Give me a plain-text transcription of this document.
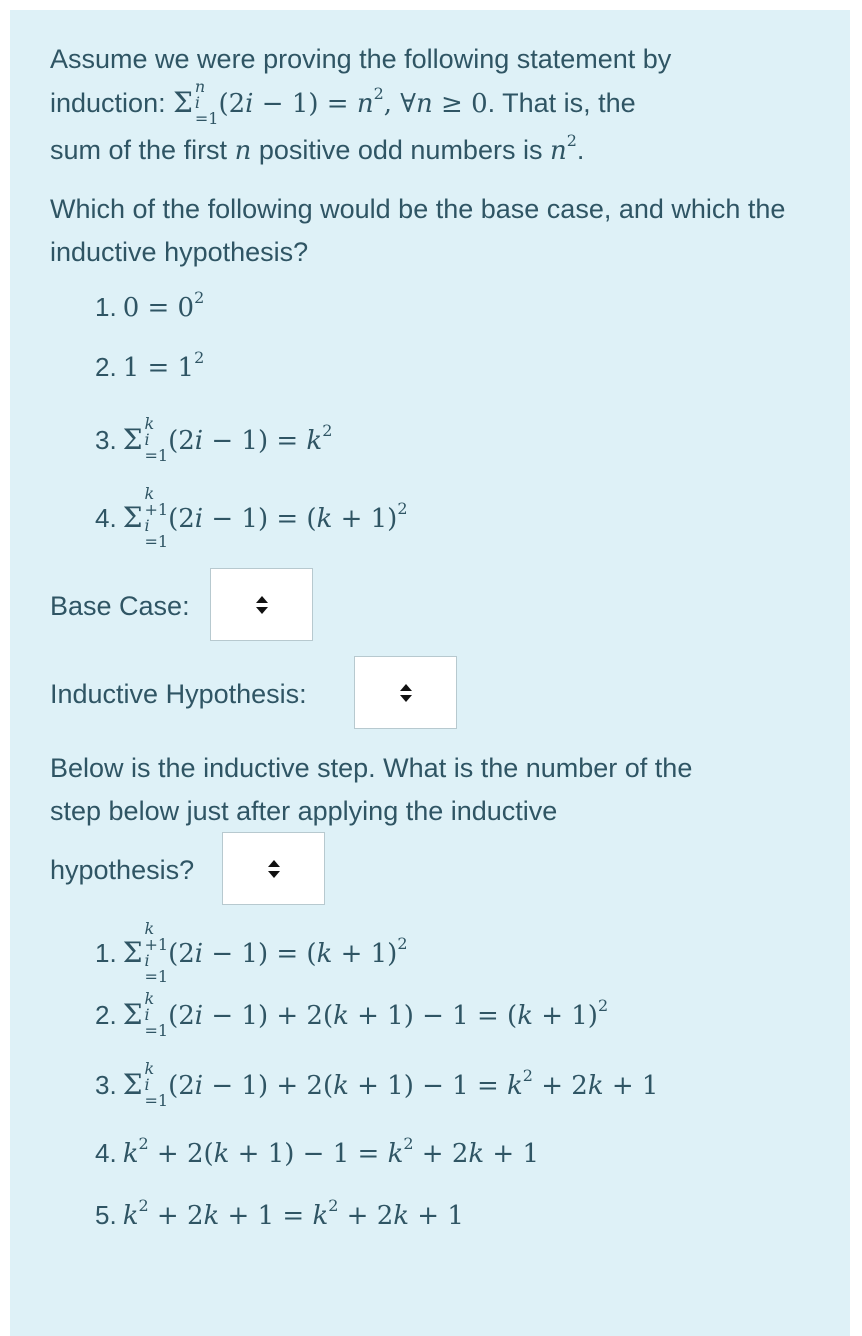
Assume we were proving the following statement by
induction: Σ n
i
=1 $(2i - 1) = n^2$, ∀n ≥ 0. That is, the
sum of the first n positive odd numbers is $n^2$.
Which of the following would be the base case, and which the inductive hypothesis?
1. $0 = 0^2$
2. $1 = 1^2$
3. Σ k
i
=1 $(2i - 1) = k^2$
4. Σ
k
+1
i
=1
$(2i - 1) = (k + 1)^2$
Base Case:
Inductive Hypothesis:
Below is the inductive step. What is the number of the
step below just after applying the inductive
hypothesis?
1. Σ
k
+1
i
=1
$(2i - 1) = (k + 1)^2$
2. Σ k
i
=1 $(2i - 1) + 2(k + 1) - 1 = (k + 1)^2$
3. Σ k
i
=1 $(2i - 1) + 2(k + 1) - 1 = k^2 + 2k + 1$
4. $k^2 + 2(k + 1) - 1 = k^2 + 2k + 1$
5. $k^2 + 2k + 1 = k^2 + 2k + 1$
